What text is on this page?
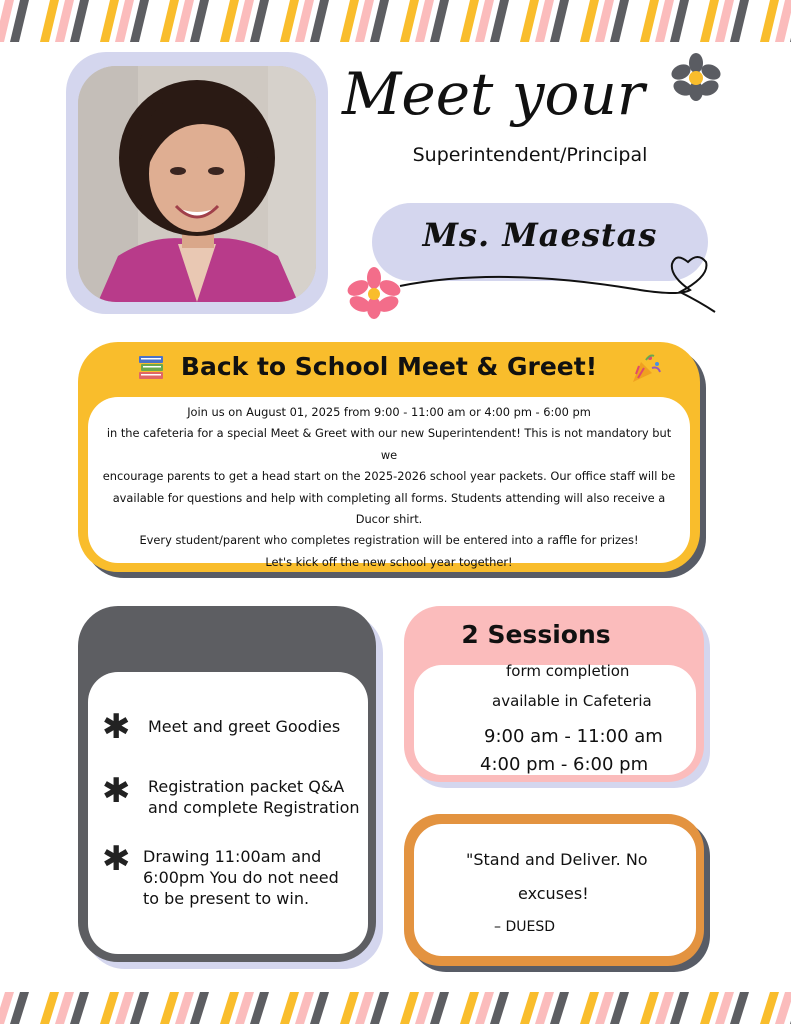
Meet your
Superintendent/Principal
Ms. Maestas
Back to School Meet & Greet!

Join us on August 01, 2025 from 9:00 - 11:00 am or 4:00 pm - 6:00 pm

in the cafeteria for a special Meet & Greet with our new Superintendent! This is not mandatory but we

encourage parents to get a head start on the 2025-2026 school year packets. Our office staff will be

available for questions and help with completing all forms. Students attending will also receive a Ducor shirt.

Every student/parent who completes registration will be entered into a raffle for prizes!

Let's kick off the new school year together!

✱ Meet and greet Goodies
✱ Registration packet Q&A
and complete Registration
✱ Drawing 11:00am and
6:00pm You do not need
to be present to win.
2 Sessions
form completion
available in Cafeteria
9:00 am - 11:00 am
4:00 pm - 6:00 pm
"Stand and Deliver. No
excuses!
– DUESD
